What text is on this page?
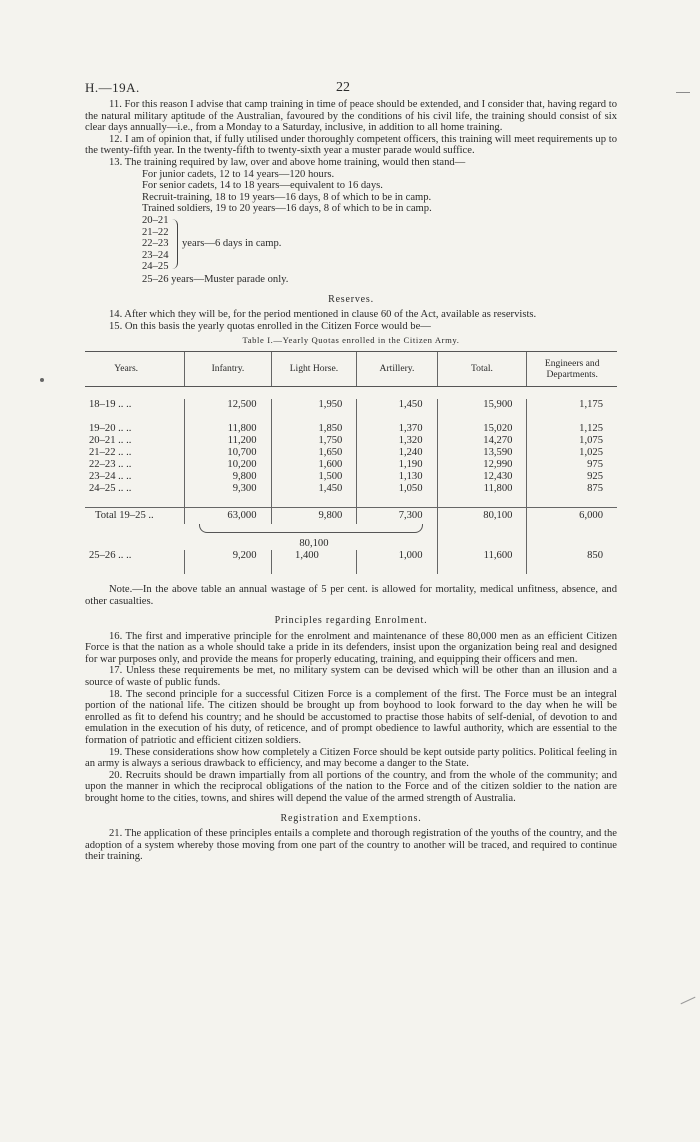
H.—19A.	22

11. For this reason I advise that camp training in time of peace should be extended, and I consider that, having regard to the natural military aptitude of the Australian, favoured by the conditions of his civil life, the training should consist of six clear days annually—i.e., from a Monday to a Saturday, inclusive, in addition to all home training.

12. I am of opinion that, if fully utilised under thoroughly competent officers, this training will meet requirements up to the twenty-fifth year. In the twenty-fifth to twenty-sixth year a muster parade would suffice.

13. The training required by law, over and above home training, would then stand—

For junior cadets, 12 to 14 years—120 hours.
For senior cadets, 14 to 18 years—equivalent to 16 days.
Recruit-training, 18 to 19 years—16 days, 8 of which to be in camp.
Trained soldiers, 19 to 20 years—16 days, 8 of which to be in camp.
20–21
21–22
22–23
23–24
24–25
years—6 days in camp.
25–26 years—Muster parade only.
Reserves.

14. After which they will be, for the period mentioned in clause 60 of the Act, available as reservists.

15. On this basis the yearly quotas enrolled in the Citizen Force would be—

Table I.—Yearly Quotas enrolled in the Citizen Army.
Years.		Infantry.	Light Horse.	Artillery.	Total.	Engineers and Departments.

18–19 .. ..		12,500	1,950	1,450	15,900	1,175

19–20 .. ..		11,800	1,850	1,370	15,020	1,125
20–21 .. ..		11,200	1,750	1,320	14,270	1,075
21–22 .. ..		10,700	1,650	1,240	13,590	1,025
22–23 .. ..		10,200	1,600	1,190	12,990	975
23–24 .. ..		9,800	1,500	1,130	12,430	925
24–25 .. ..		9,300	1,450	1,050	11,800	875

Total 19–25 ..		63,000	9,800	7,300	80,100	6,000

			80,100			
25–26 .. ..		9,200	1,400	1,000	11,600	850

Note.—In the above table an annual wastage of 5 per cent. is allowed for mortality, medical unfitness, absence, and other casualties.

Principles regarding Enrolment.

16. The first and imperative principle for the enrolment and maintenance of these 80,000 men as an efficient Citizen Force is that the nation as a whole should take a pride in its defenders, insist upon the organization being real and designed for war purposes only, and provide the means for properly educating, training, and equipping their officers and men.

17. Unless these requirements be met, no military system can be devised which will be other than an illusion and a source of waste of public funds.

18. The second principle for a successful Citizen Force is a complement of the first. The Force must be an integral portion of the national life. The citizen should be brought up from boyhood to look forward to the day when he will be enrolled as fit to defend his country; and he should be accustomed to practise those habits of self-denial, of devotion to and emulation in the execution of his duty, of reticence, and of prompt obedience to lawful authority, which are essential to the formation of patriotic and efficient citizen soldiers.

19. These considerations show how completely a Citizen Force should be kept outside party politics. Political feeling in an army is always a serious drawback to efficiency, and may become a danger to the State.

20. Recruits should be drawn impartially from all portions of the country, and from the whole of the community; and upon the manner in which the reciprocal obligations of the nation to the Force and of the citizen soldier to the nation are brought home to the cities, towns, and shires will depend the value of the armed strength of Australia.

Registration and Exemptions.

21. The application of these principles entails a complete and thorough registration of the youths of the country, and the adoption of a system whereby those moving from one part of the country to another will be traced, and required to continue their training.
